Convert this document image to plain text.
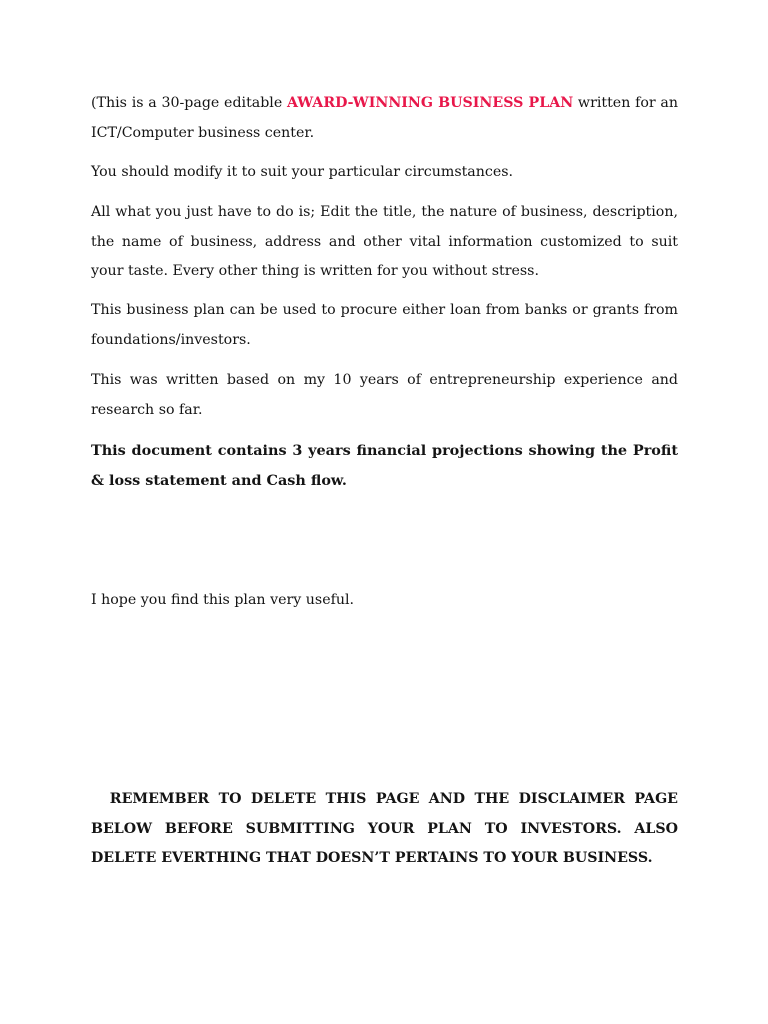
(This is a 30-page editable AWARD-WINNING BUSINESS PLAN written for an ICT/Computer business center.

You should modify it to suit your particular circumstances.

All what you just have to do is; Edit the title, the nature of business, description, the name of business, address and other vital information customized to suit your taste. Every other thing is written for you without stress.

This business plan can be used to procure either loan from banks or grants from foundations/investors.

This was written based on my 10 years of entrepreneurship experience and research so far.

This document contains 3 years financial projections showing the Profit & loss statement and Cash flow.

I hope you find this plan very useful.

REMEMBER TO DELETE THIS PAGE AND THE DISCLAIMER PAGE BELOW BEFORE SUBMITTING YOUR PLAN TO INVESTORS. ALSO DELETE EVERTHING THAT DOESN’T PERTAINS TO YOUR BUSINESS.
